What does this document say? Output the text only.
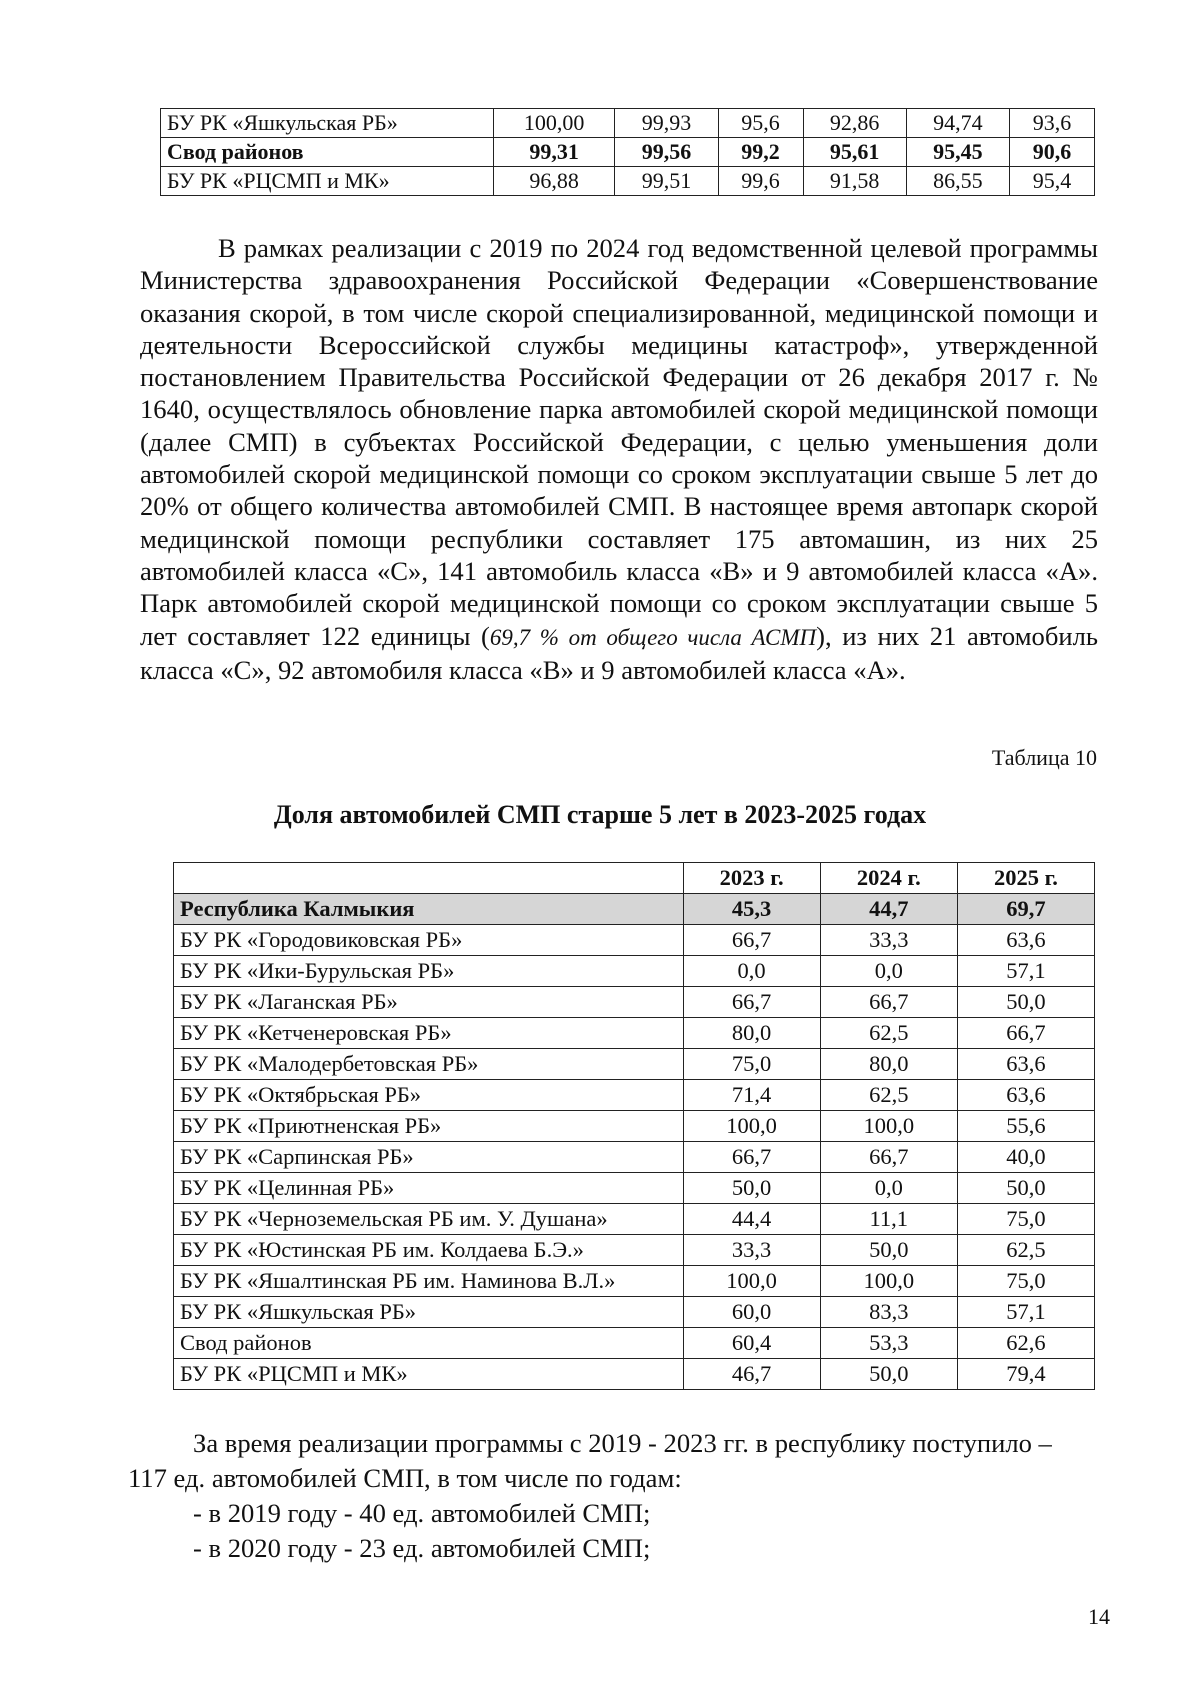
БУ РК «Яшкульская РБ»	100,00	99,93	95,6	92,86	94,74	93,6
Свод районов	99,31	99,56	99,2	95,61	95,45	90,6
БУ РК «РЦСМП и МК»	96,88	99,51	99,6	91,58	86,55	95,4
В рамках реализации с 2019 по 2024 год ведомственной целевой программы Министерства здравоохранения Российской Федерации «Совершенствование оказания скорой, в том числе скорой специализированной, медицинской помощи и деятельности Всероссийской службы медицины катастроф», утвержденной постановлением Правительства Российской Федерации от 26 декабря 2017 г. № 1640, осуществлялось обновление парка автомобилей скорой медицинской помощи (далее СМП) в субъектах Российской Федерации, с целью уменьшения доли автомобилей скорой медицинской помощи со сроком эксплуатации свыше 5 лет до 20% от общего количества автомобилей СМП. В настоящее время автопарк скорой медицинской помощи республики составляет 175 автомашин, из них 25 автомобилей класса «С», 141 автомобиль класса «В» и 9 автомобилей класса «А». Парк автомобилей скорой медицинской помощи со сроком эксплуатации свыше 5 лет составляет 122 единицы (69,7 % от общего числа АСМП), из них 21 автомобиль класса «С», 92 автомобиля класса «В» и 9 автомобилей класса «А».
Таблица 10
Доля автомобилей СМП старше 5 лет в 2023-2025 годах
	2023 г.	2024 г.	2025 г.
Республика Калмыкия	45,3	44,7	69,7
БУ РК «Городовиковская РБ»	66,7	33,3	63,6
БУ РК «Ики-Бурульская РБ»	0,0	0,0	57,1
БУ РК «Лаганская РБ»	66,7	66,7	50,0
БУ РК «Кетченеровская РБ»	80,0	62,5	66,7
БУ РК «Малодербетовская РБ»	75,0	80,0	63,6
БУ РК «Октябрьская РБ»	71,4	62,5	63,6
БУ РК «Приютненская РБ»	100,0	100,0	55,6
БУ РК «Сарпинская РБ»	66,7	66,7	40,0
БУ РК «Целинная РБ»	50,0	0,0	50,0
БУ РК «Черноземельская РБ им. У. Душана»	44,4	11,1	75,0
БУ РК «Юстинская РБ им. Колдаева Б.Э.»	33,3	50,0	62,5
БУ РК «Яшалтинская РБ им. Наминова В.Л.»	100,0	100,0	75,0
БУ РК «Яшкульская РБ»	60,0	83,3	57,1
Свод районов	60,4	53,3	62,6
БУ РК «РЦСМП и МК»	46,7	50,0	79,4
За время реализации программы с 2019 - 2023 гг. в республику поступило –
117 ед. автомобилей СМП, в том числе по годам:
- в 2019 году - 40 ед. автомобилей СМП;
- в 2020 году - 23 ед. автомобилей СМП;
14
